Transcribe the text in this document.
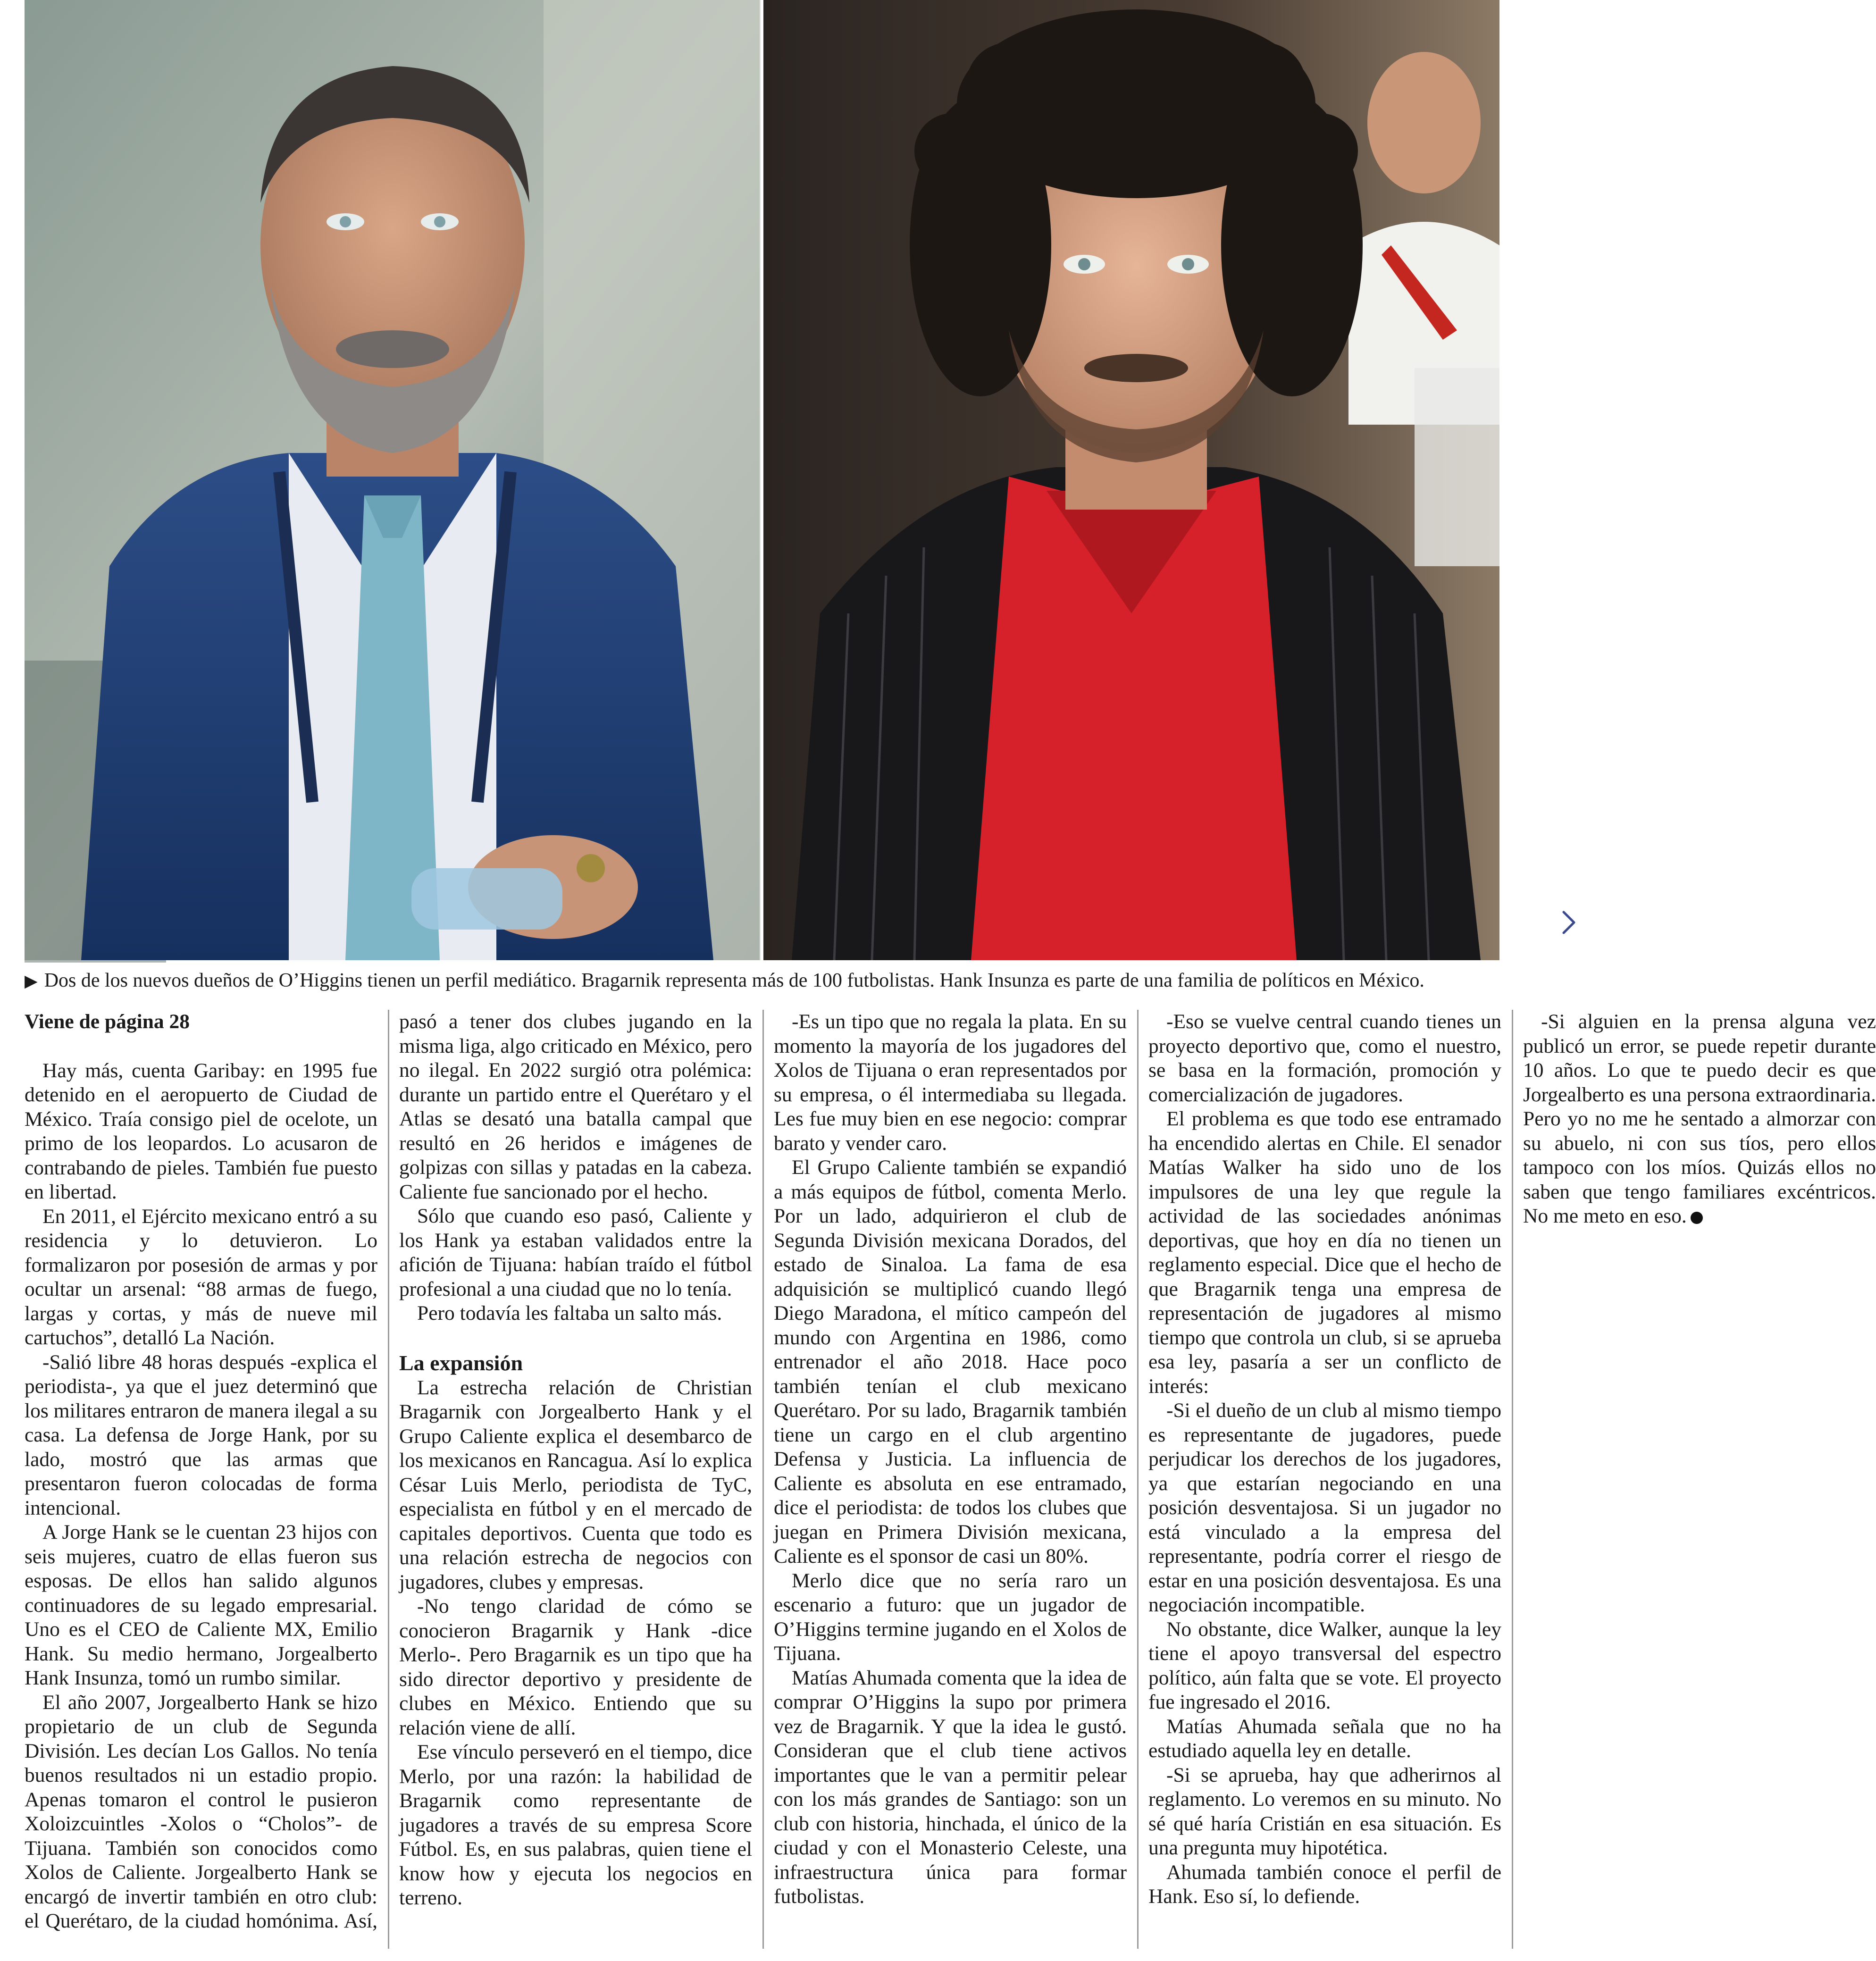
▶ Dos de los nuevos dueños de O’Higgins tienen un perfil mediático. Bragarnik representa más de 100 futbolistas. Hank Insunza es parte de una familia de políticos en México.

Viene de página 28

Hay más, cuenta Garibay: en 1995 fue detenido en el aeropuerto de Ciudad de México. Traía consigo piel de ocelote, un primo de los leopardos. Lo acusaron de contrabando de pieles. También fue puesto en libertad.

En 2011, el Ejército mexicano entró a su residencia y lo detuvieron. Lo formalizaron por posesión de armas y por ocultar un arsenal: “88 armas de fuego, largas y cortas, y más de nueve mil cartuchos”, detalló La Nación.

-Salió libre 48 horas después -explica el periodista-, ya que el juez determinó que los militares entraron de manera ilegal a su casa. La defensa de Jorge Hank, por su lado, mostró que las armas que presentaron fueron colocadas de forma intencional.

A Jorge Hank se le cuentan 23 hijos con seis mujeres, cuatro de ellas fueron sus esposas. De ellos han salido algunos continuadores de su legado empresarial. Uno es el CEO de Caliente MX, Emilio Hank. Su medio hermano, Jorgealberto Hank Insunza, tomó un rumbo similar.

El año 2007, Jorgealberto Hank se hizo propietario de un club de Segunda División. Les decían Los Gallos. No tenía buenos resultados ni un estadio propio. Apenas tomaron el control le pusieron Xoloizcuintles -Xolos o “Cholos”- de Tijuana. También son conocidos como Xolos de Caliente. Jorgealberto Hank se encargó de invertir también en otro club: el Querétaro, de la ciudad homónima. Así, pasó a tener dos clubes jugando en la misma liga, algo criticado en México, pero no ilegal. En 2022 surgió otra polémica: durante un partido entre el Querétaro y el Atlas se desató una batalla campal que resultó en 26 heridos e imágenes de golpizas con sillas y patadas en la cabeza. Caliente fue sancionado por el hecho.

Sólo que cuando eso pasó, Caliente y los Hank ya estaban validados entre la afición de Tijuana: habían traído el fútbol profesional a una ciudad que no lo tenía.

Pero todavía les faltaba un salto más.

La expansión

La estrecha relación de Christian Bragarnik con Jorgealberto Hank y el Grupo Caliente explica el desembarco de los mexicanos en Rancagua. Así lo explica César Luis Merlo, periodista de TyC, especialista en fútbol y en el mercado de capitales deportivos. Cuenta que todo es una relación estrecha de negocios con jugadores, clubes y empresas.

-No tengo claridad de cómo se conocieron Bragarnik y Hank -dice Merlo-. Pero Bragarnik es un tipo que ha sido director deportivo y presidente de clubes en México. Entiendo que su relación viene de allí.

Ese vínculo perseveró en el tiempo, dice Merlo, por una razón: la habilidad de Bragarnik como representante de jugadores a través de su empresa Score Fútbol. Es, en sus palabras, quien tiene el know how y ejecuta los negocios en terreno.

-Es un tipo que no regala la plata. En su momento la mayoría de los jugadores del Xolos de Tijuana o eran representados por su empresa, o él intermediaba su llegada. Les fue muy bien en ese negocio: comprar barato y vender caro.

El Grupo Caliente también se expandió a más equipos de fútbol, comenta Merlo. Por un lado, adquirieron el club de Segunda División mexicana Dorados, del estado de Sinaloa. La fama de esa adquisición se multiplicó cuando llegó Diego Maradona, el mítico campeón del mundo con Argentina en 1986, como entrenador el año 2018. Hace poco también tenían el club mexicano Querétaro. Por su lado, Bragarnik también tiene un cargo en el club argentino Defensa y Justicia. La influencia de Caliente es absoluta en ese entramado, dice el periodista: de todos los clubes que juegan en Primera División mexicana, Caliente es el sponsor de casi un 80%.

Merlo dice que no sería raro un escenario a futuro: que un jugador de O’Higgins termine jugando en el Xolos de Tijuana.

Matías Ahumada comenta que la idea de comprar O’Higgins la supo por primera vez de Bragarnik. Y que la idea le gustó. Consideran que el club tiene activos importantes que le van a permitir pelear con los más grandes de Santiago: son un club con historia, hinchada, el único de la ciudad y con el Monasterio Celeste, una infraestructura única para formar futbolistas.

-Eso se vuelve central cuando tienes un proyecto deportivo que, como el nuestro, se basa en la formación, promoción y comercialización de jugadores.

El problema es que todo ese entramado ha encendido alertas en Chile. El senador Matías Walker ha sido uno de los impulsores de una ley que regule la actividad de las sociedades anónimas deportivas, que hoy en día no tienen un reglamento especial. Dice que el hecho de que Bragarnik tenga una empresa de representación de jugadores al mismo tiempo que controla un club, si se aprueba esa ley, pasaría a ser un conflicto de interés:

-Si el dueño de un club al mismo tiempo es representante de jugadores, puede perjudicar los derechos de los jugadores, ya que estarían negociando en una posición desventajosa. Si un jugador no está vinculado a la empresa del representante, podría correr el riesgo de estar en una posición desventajosa. Es una negociación incompatible.

No obstante, dice Walker, aunque la ley tiene el apoyo transversal del espectro político, aún falta que se vote. El proyecto fue ingresado el 2016.

Matías Ahumada señala que no ha estudiado aquella ley en detalle.

-Si se aprueba, hay que adherirnos al reglamento. Lo veremos en su minuto. No sé qué haría Cristián en esa situación. Es una pregunta muy hipotética.

Ahumada también conoce el perfil de Hank. Eso sí, lo defiende.

-Si alguien en la prensa alguna vez publicó un error, se puede repetir durante 10 años. Lo que te puedo decir es que Jorgealberto es una persona extraordinaria. Pero yo no me he sentado a almorzar con su abuelo, ni con sus tíos, pero ellos tampoco con los míos. Quizás ellos no saben que tengo familiares excéntricos. No me meto en eso.
